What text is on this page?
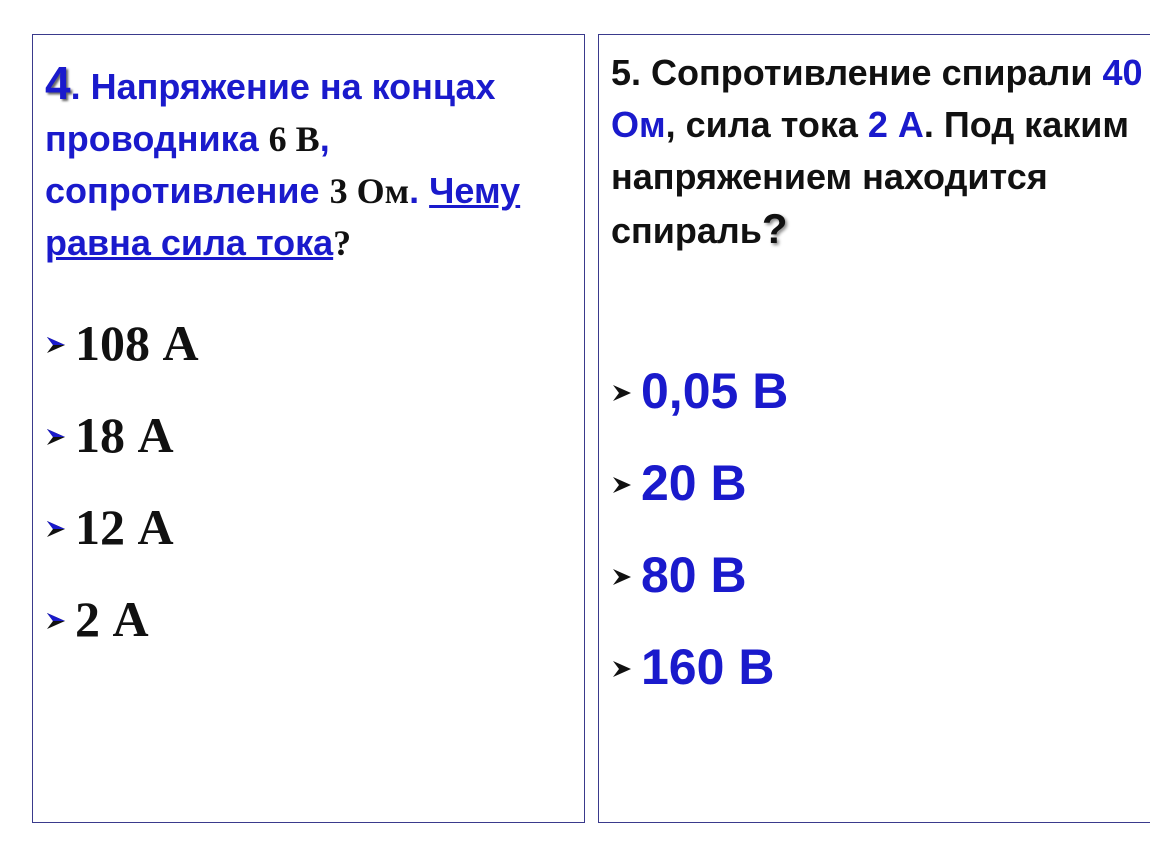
4. Напряжение на концах проводника 6 В, сопротивление 3 Ом. Чему равна сила тока?

108 А
18 А
12 А
2 А

5. Сопротивление спирали 40 Ом, сила тока 2 А. Под каким напряжением находится спираль?

0,05 В
20 В
80 В
160 В
